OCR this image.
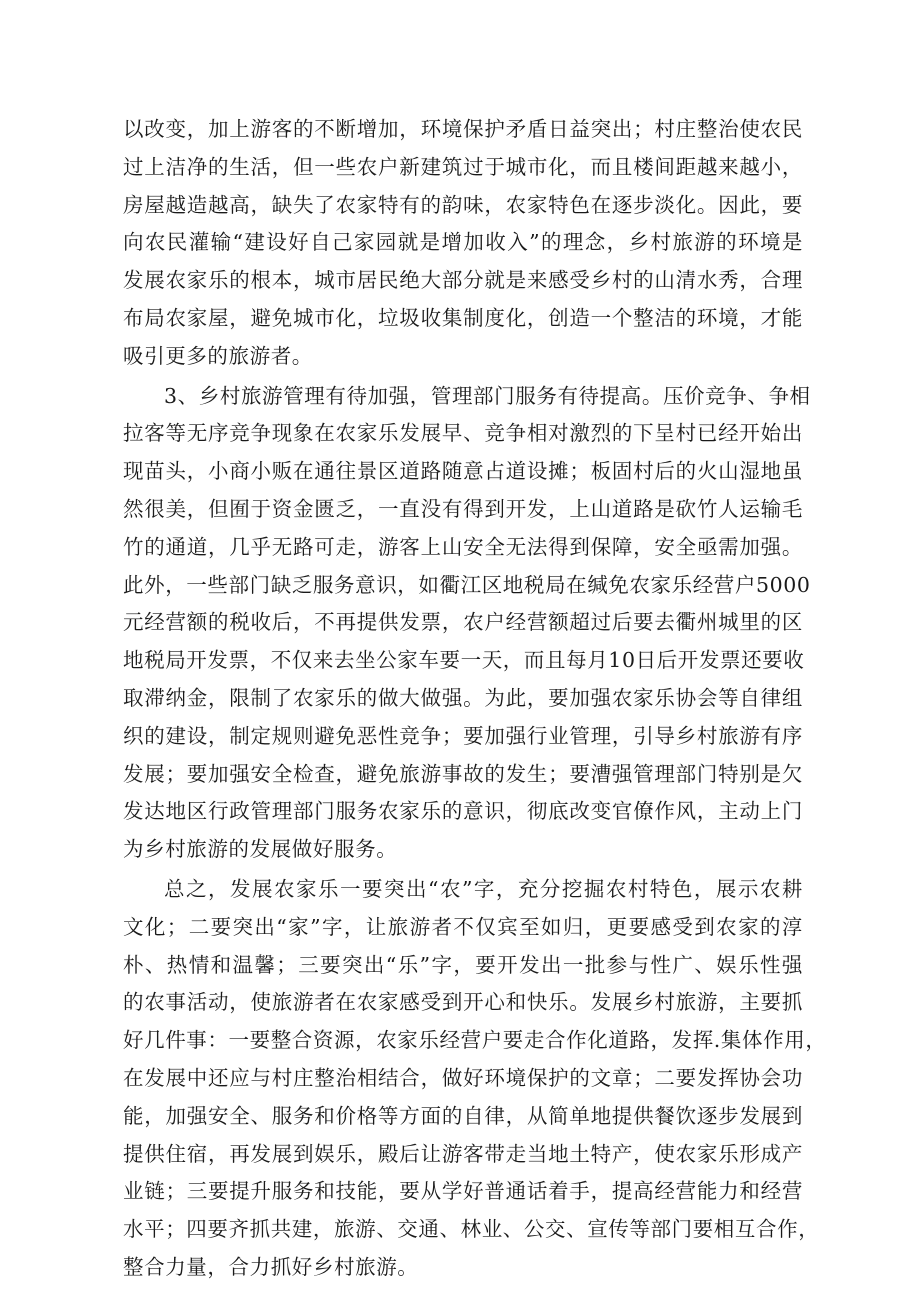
以改变，加上游客的不断增加，环境保护矛盾日益突出；村庄整治使农民
过上洁净的生活，但一些农户新建筑过于城市化，而且楼间距越来越小，
房屋越造越高，缺失了农家特有的韵味，农家特色在逐步淡化。因此，要
向农民灌输“建设好自己家园就是增加收入”的理念，乡村旅游的环境是
发展农家乐的根本，城市居民绝大部分就是来感受乡村的山清水秀，合理
布局农家屋，避免城市化，垃圾收集制度化，创造一个整洁的环境，才能
吸引更多的旅游者。
3、乡村旅游管理有待加强，管理部门服务有待提高。压价竞争、争相
拉客等无序竞争现象在农家乐发展早、竞争相对激烈的下呈村已经开始出
现苗头，小商小贩在通往景区道路随意占道设摊；板固村后的火山湿地虽
然很美，但囿于资金匮乏，一直没有得到开发，上山道路是砍竹人运输毛
竹的通道，几乎无路可走，游客上山安全无法得到保障，安全亟需加强。
此外，一些部门缺乏服务意识，如衢江区地税局在缄免农家乐经营户5000
元经营额的税收后，不再提供发票，农户经营额超过后要去衢州城里的区
地税局开发票，不仅来去坐公家车要一天，而且每月10日后开发票还要收
取滞纳金，限制了农家乐的做大做强。为此，要加强农家乐协会等自律组
织的建设，制定规则避免恶性竞争；要加强行业管理，引导乡村旅游有序
发展；要加强安全检查，避免旅游事故的发生；要漕强管理部门特别是欠
发达地区行政管理部门服务农家乐的意识，彻底改变官僚作风，主动上门
为乡村旅游的发展做好服务。
总之，发展农家乐一要突出“农”字，充分挖掘农村特色，展示农耕
文化；二要突出“家”字，让旅游者不仅宾至如归，更要感受到农家的淳
朴、热情和温馨；三要突出“乐”字，要开发出一批参与性广、娱乐性强
的农事活动，使旅游者在农家感受到开心和快乐。发展乡村旅游，主要抓
好几件事：一要整合资源，农家乐经营户要走合作化道路，发挥.集体作用，
在发展中还应与村庄整治相结合，做好环境保护的文章；二要发挥协会功
能，加强安全、服务和价格等方面的自律，从简单地提供餐饮逐步发展到
提供住宿，再发展到娱乐，殿后让游客带走当地土特产，使农家乐形成产
业链；三要提升服务和技能，要从学好普通话着手，提高经营能力和经营
水平；四要齐抓共建，旅游、交通、林业、公交、宣传等部门要相互合作，
整合力量，合力抓好乡村旅游。
